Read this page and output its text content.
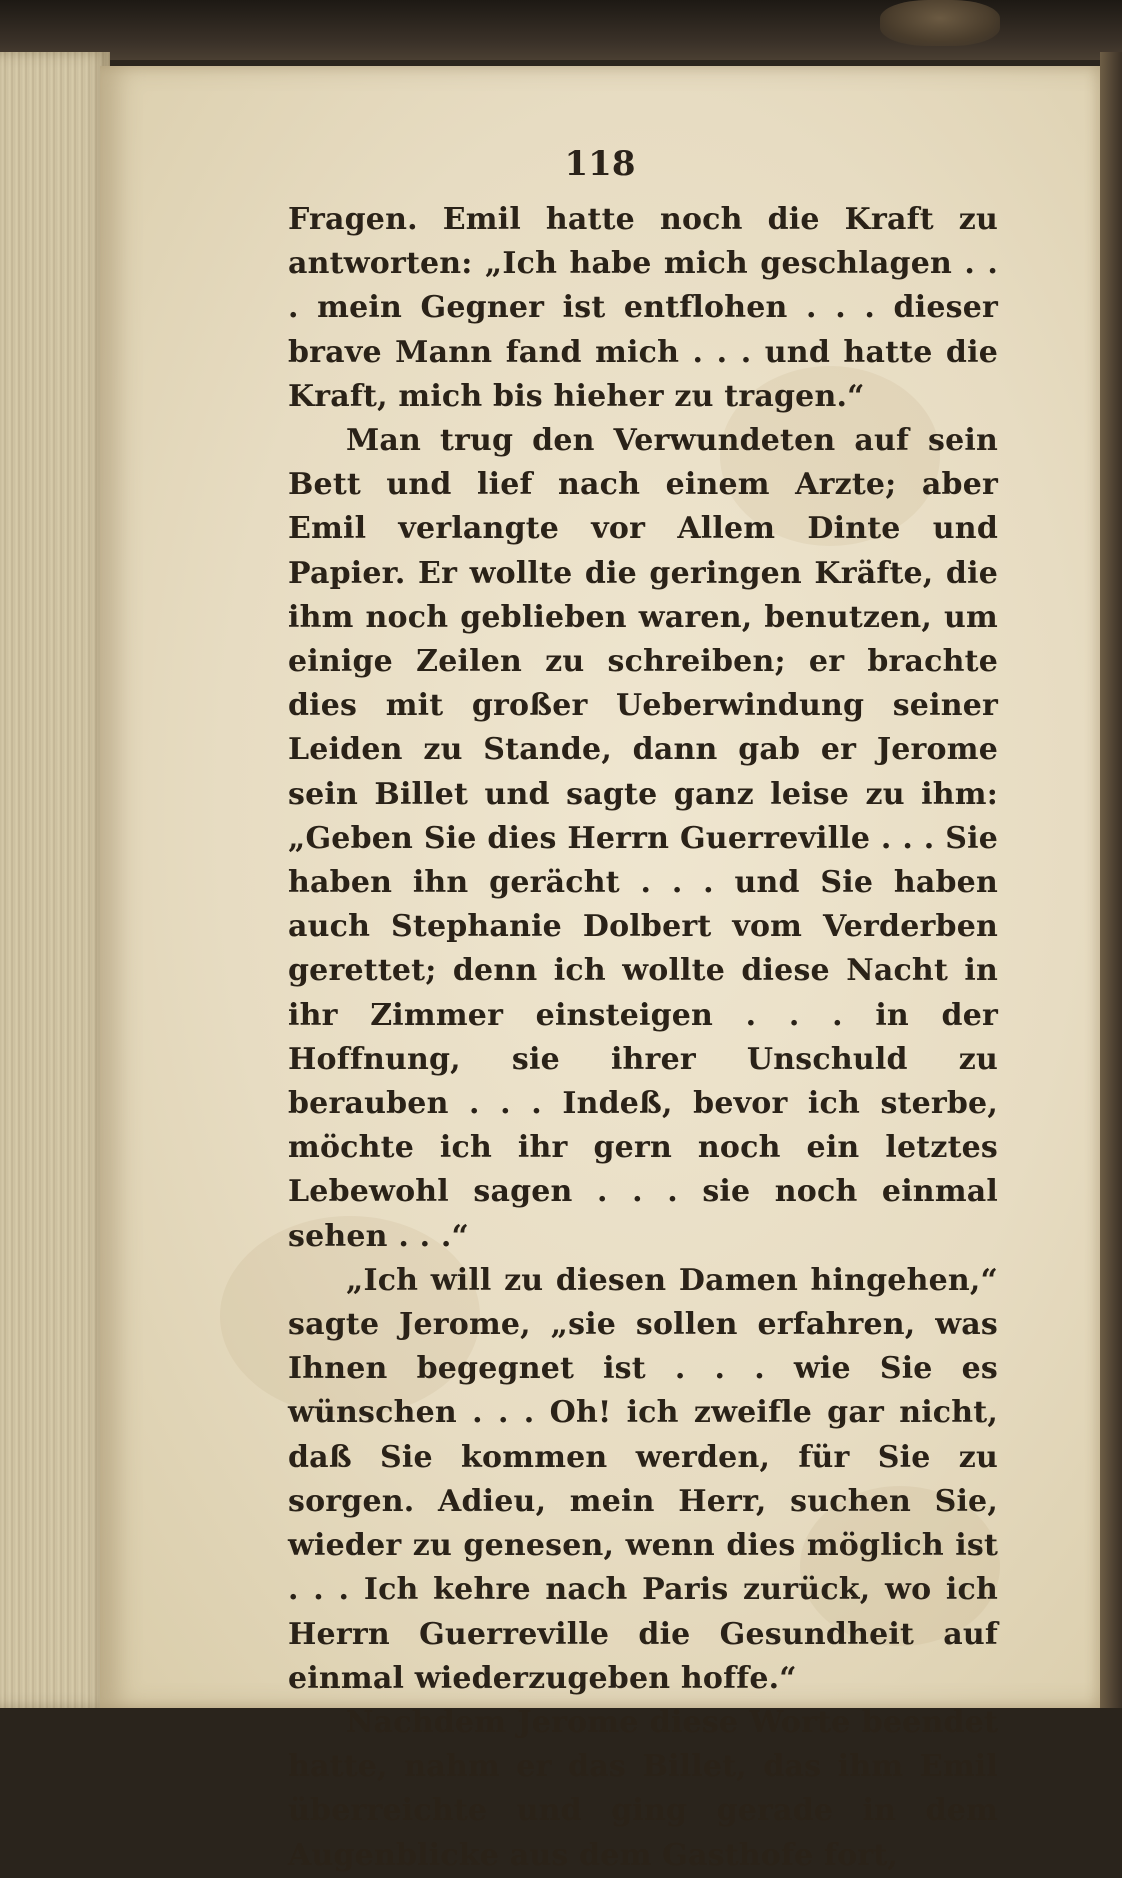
118

Fragen. Emil hatte noch die Kraft zu antworten: „Ich habe mich geschlagen . . . mein Gegner ist entflohen . . . dieser brave Mann fand mich . . . und hatte die Kraft, mich bis hieher zu tragen.“

Man trug den Verwundeten auf sein Bett und lief nach einem Arzte; aber Emil verlangte vor Allem Dinte und Papier. Er wollte die geringen Kräfte, die ihm noch geblieben waren, benutzen, um einige Zeilen zu schreiben; er brachte dies mit großer Ueberwindung seiner Leiden zu Stande, dann gab er Jerome sein Billet und sagte ganz leise zu ihm: „Geben Sie dies Herrn Guerreville . . . Sie haben ihn gerächt . . . und Sie haben auch Stephanie Dolbert vom Verderben gerettet; denn ich wollte diese Nacht in ihr Zimmer einsteigen . . . in der Hoffnung, sie ihrer Unschuld zu berauben . . . Indeß, bevor ich sterbe, möchte ich ihr gern noch ein letztes Lebewohl sagen . . . sie noch einmal sehen . . .“

„Ich will zu diesen Damen hingehen,“ sagte Jerome, „sie sollen erfahren, was Ihnen begegnet ist . . . wie Sie es wünschen . . . Oh! ich zweifle gar nicht, daß Sie kommen werden, für Sie zu sorgen. Adieu, mein Herr, suchen Sie, wieder zu genesen, wenn dies möglich ist . . . Ich kehre nach Paris zurück, wo ich Herrn Guerreville die Gesundheit auf einmal wiederzugeben hoffe.“

Nachdem Jerome diese Worte beendet hatte, nahm er das Billet, das ihm Emil überreichte und ging gerade in dem Augenblicke aus dem Gasthofe fort,
